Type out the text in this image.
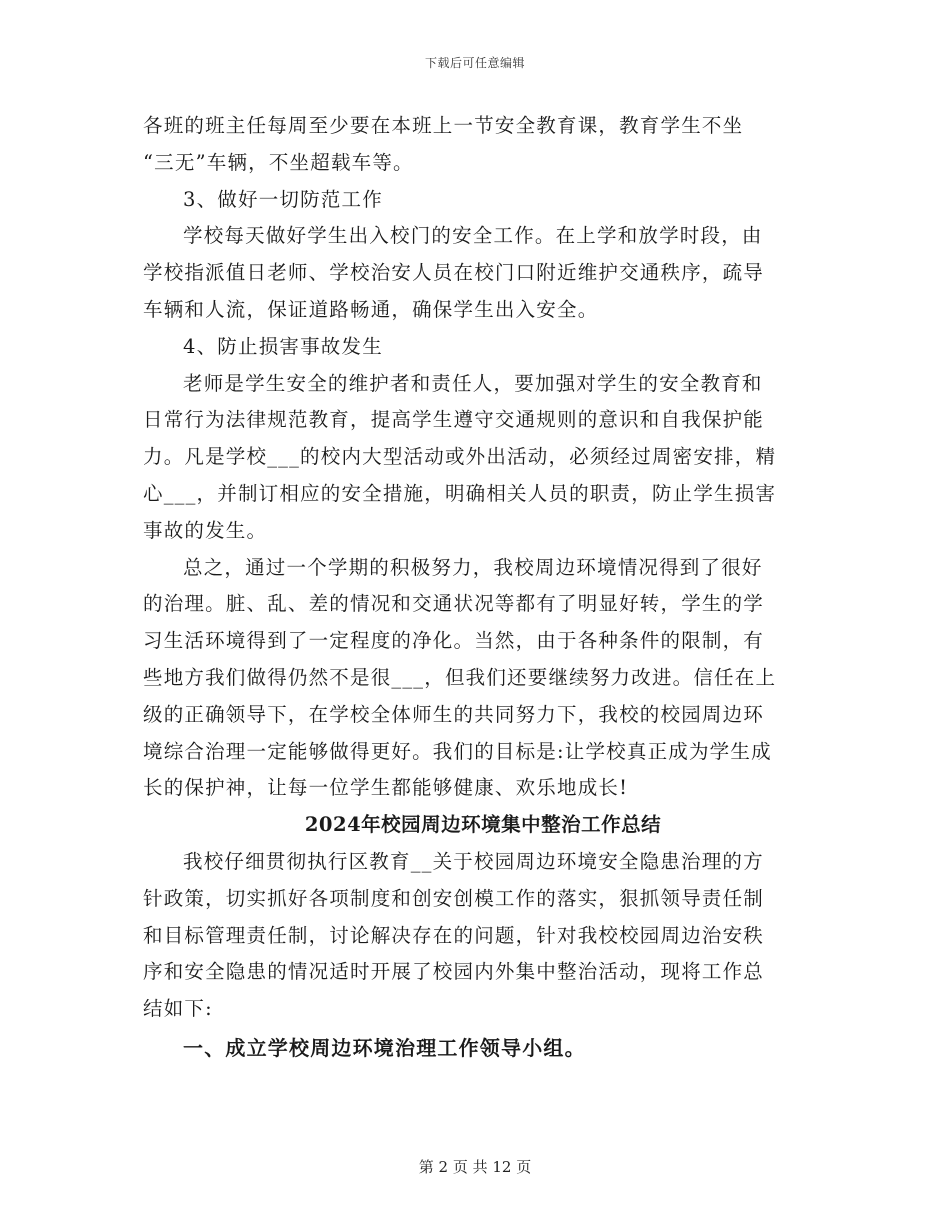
下载后可任意编辑
各班的班主任每周至少要在本班上一节安全教育课，教育学生不坐
“三无”车辆，不坐超载车等。
3、做好一切防范工作
学校每天做好学生出入校门的安全工作。在上学和放学时段，由
学校指派值日老师、学校治安人员在校门口附近维护交通秩序，疏导
车辆和人流，保证道路畅通，确保学生出入安全。
4、防止损害事故发生
老师是学生安全的维护者和责任人，要加强对学生的安全教育和
日常行为法律规范教育，提高学生遵守交通规则的意识和自我保护能
力。凡是学校___的校内大型活动或外出活动，必须经过周密安排，精
心___，并制订相应的安全措施，明确相关人员的职责，防止学生损害
事故的发生。
总之，通过一个学期的积极努力，我校周边环境情况得到了很好
的治理。脏、乱、差的情况和交通状况等都有了明显好转，学生的学
习生活环境得到了一定程度的净化。当然，由于各种条件的限制，有
些地方我们做得仍然不是很___，但我们还要继续努力改进。信任在上
级的正确领导下，在学校全体师生的共同努力下，我校的校园周边环
境综合治理一定能够做得更好。我们的目标是:让学校真正成为学生成
长的保护神，让每一位学生都能够健康、欢乐地成长!
2024年校园周边环境集中整治工作总结
我校仔细贯彻执行区教育__关于校园周边环境安全隐患治理的方
针政策，切实抓好各项制度和创安创模工作的落实，狠抓领导责任制
和目标管理责任制，讨论解决存在的问题，针对我校校园周边治安秩
序和安全隐患的情况适时开展了校园内外集中整治活动，现将工作总
结如下:
一、成立学校周边环境治理工作领导小组。
第 2 页 共 12 页
